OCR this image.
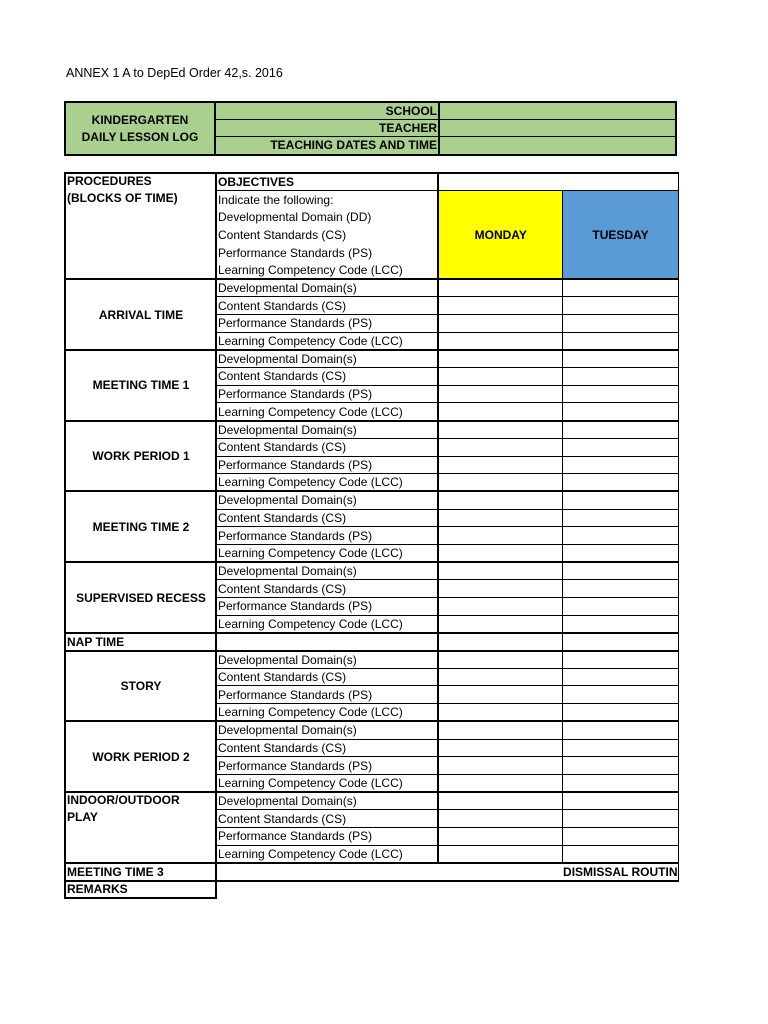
ANNEX 1 A to DepEd Order 42,s. 2016
KINDERGARTEN
DAILY LESSON LOG
SCHOOL
TEACHER
TEACHING DATES AND TIME
PROCEDURES
(BLOCKS OF TIME)	OBJECTIVES		
	Indicate the following:	MONDAY	TUESDAY
	Developmental Domain (DD)		
	Content Standards (CS)		
	Performance Standards (PS)		
	Learning Competency Code (LCC)		
ARRIVAL TIME	Developmental Domain(s)		
	Content Standards (CS)		
	Performance Standards (PS)		
	Learning Competency Code (LCC)		
MEETING TIME 1	Developmental Domain(s)		
	Content Standards (CS)		
	Performance Standards (PS)		
	Learning Competency Code (LCC)		
WORK PERIOD 1	Developmental Domain(s)		
	Content Standards (CS)		
	Performance Standards (PS)		
	Learning Competency Code (LCC)		
MEETING TIME 2	Developmental Domain(s)		
	Content Standards (CS)		
	Performance Standards (PS)		
	Learning Competency Code (LCC)		
SUPERVISED RECESS	Developmental Domain(s)		
	Content Standards (CS)		
	Performance Standards (PS)		
	Learning Competency Code (LCC)		
NAP TIME			
STORY	Developmental Domain(s)		
	Content Standards (CS)		
	Performance Standards (PS)		
	Learning Competency Code (LCC)		
WORK PERIOD 2	Developmental Domain(s)		
	Content Standards (CS)		
	Performance Standards (PS)		
	Learning Competency Code (LCC)		

INDOOR/OUTDOOR
PLAY	Developmental Domain(s)		
	Content Standards (CS)		
	Performance Standards (PS)		
	Learning Competency Code (LCC)		
MEETING TIME 3	DISMISSAL ROUTIN		
REMARKS			
